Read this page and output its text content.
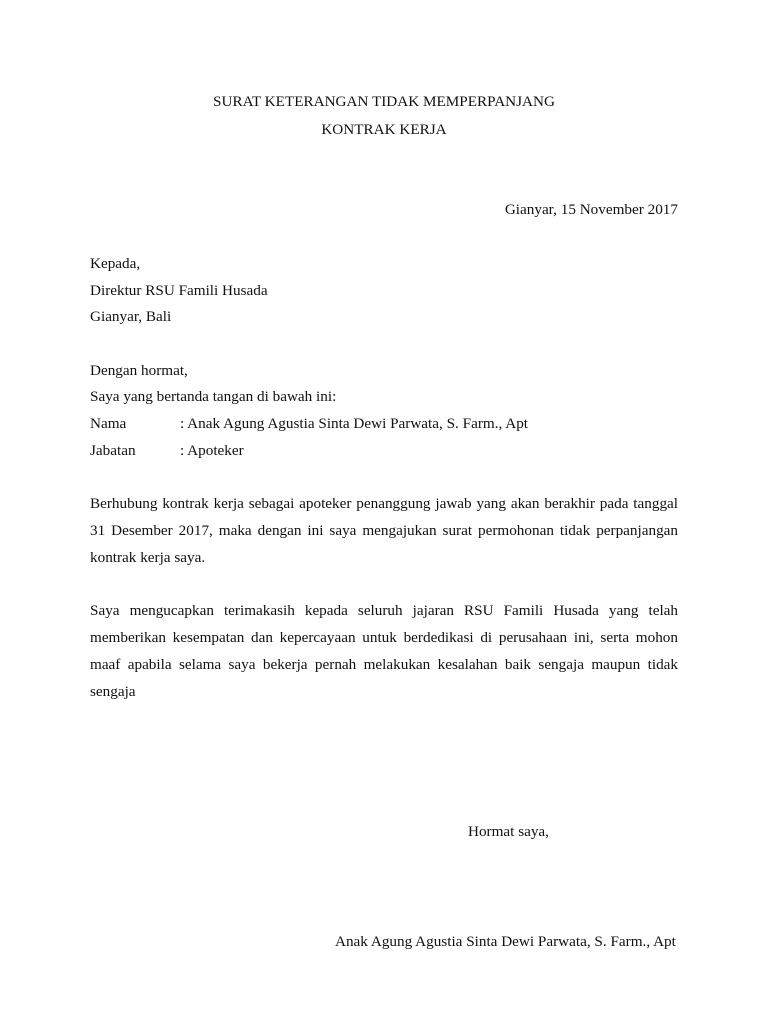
SURAT KETERANGAN TIDAK MEMPERPANJANG
KONTRAK KERJA
Gianyar, 15 November 2017
Kepada,
Direktur RSU Famili Husada
Gianyar, Bali
Dengan hormat,
Saya yang bertanda tangan di bawah ini:
Nama	: Anak Agung Agustia Sinta Dewi Parwata, S. Farm., Apt
Jabatan	: Apoteker
Berhubung kontrak kerja sebagai apoteker penanggung jawab yang akan berakhir pada tanggal
31 Desember 2017, maka dengan ini saya mengajukan surat permohonan tidak perpanjangan
kontrak kerja saya.
Saya mengucapkan terimakasih kepada seluruh jajaran RSU Famili Husada yang telah
memberikan kesempatan dan kepercayaan untuk berdedikasi di perusahaan ini, serta mohon
maaf apabila selama saya bekerja pernah melakukan kesalahan baik sengaja maupun tidak
sengaja
Hormat saya,
Anak Agung Agustia Sinta Dewi Parwata, S. Farm., Apt
